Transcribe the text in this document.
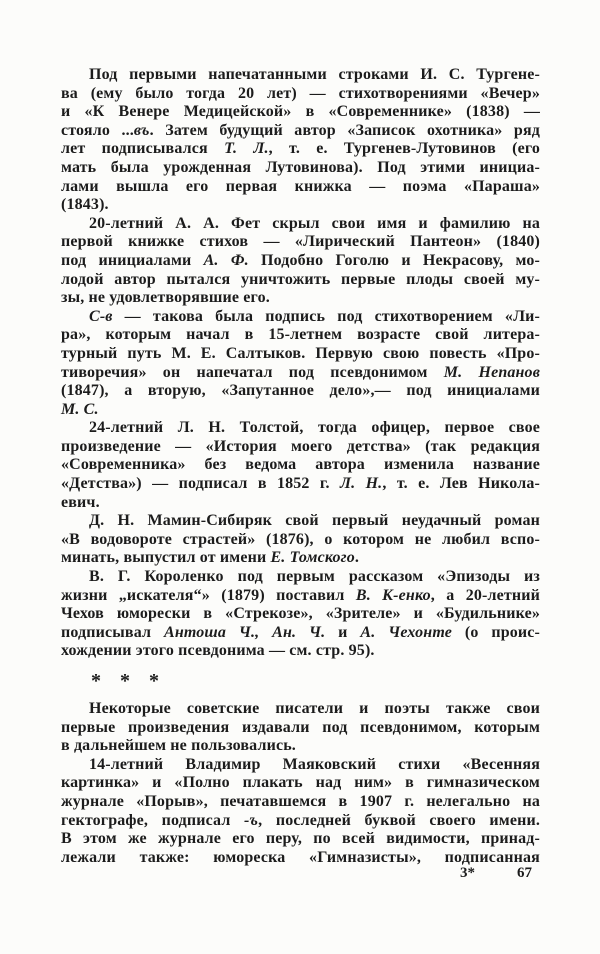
Под первыми напечатанными строками И. С. Тургене-
ва (ему было тогда 20 лет) — стихотворениями «Вечер»
и «К Венере Медицейской» в «Современнике» (1838) —
стояло ...въ. Затем будущий автор «Записок охотника» ряд
лет подписывался Т. Л., т. е. Тургенев-Лутовинов (его
мать была урожденная Лутовинова). Под этими инициа-
лами вышла его первая книжка — поэма «Параша»
(1843).
20-летний А. А. Фет скрыл свои имя и фамилию на
первой книжке стихов — «Лирический Пантеон» (1840)
под инициалами А. Ф. Подобно Гоголю и Некрасову, мо-
лодой автор пытался уничтожить первые плоды своей му-
зы, не удовлетворявшие его.
С-в — такова была подпись под стихотворением «Ли-
ра», которым начал в 15-летнем возрасте свой литера-
турный путь М. Е. Салтыков. Первую свою повесть «Про-
тиворечия» он напечатал под псевдонимом М. Непанов
(1847), а вторую, «Запутанное дело»,— под инициалами
М. С.
24-летний Л. Н. Толстой, тогда офицер, первое свое
произведение — «История моего детства» (так редакция
«Современника» без ведома автора изменила название
«Детства») — подписал в 1852 г. Л. Н., т. е. Лев Никола-
евич.
Д. Н. Мамин-Сибиряк свой первый неудачный роман
«В водовороте страстей» (1876), о котором не любил вспо-
минать, выпустил от имени Е. Томского.
В. Г. Короленко под первым рассказом «Эпизоды из
жизни „искателя“» (1879) поставил В. К-енко, а 20-летний
Чехов юморески в «Стрекозе», «Зрителе» и «Будильнике»
подписывал Антоша Ч., Ан. Ч. и А. Чехонте (о проис-
хождении этого псевдонима — см. стр. 95).
* * *
Некоторые советские писатели и поэты также свои
первые произведения издавали под псевдонимом, которым
в дальнейшем не пользовались.
14-летний Владимир Маяковский стихи «Весенняя
картинка» и «Полно плакать над ним» в гимназическом
журнале «Порыв», печатавшемся в 1907 г. нелегально на
гектографе, подписал -ъ, последней буквой своего имени.
В этом же журнале его перу, по всей видимости, принад-
лежали также: юмореска «Гимназисты», подписанная
3*	67
